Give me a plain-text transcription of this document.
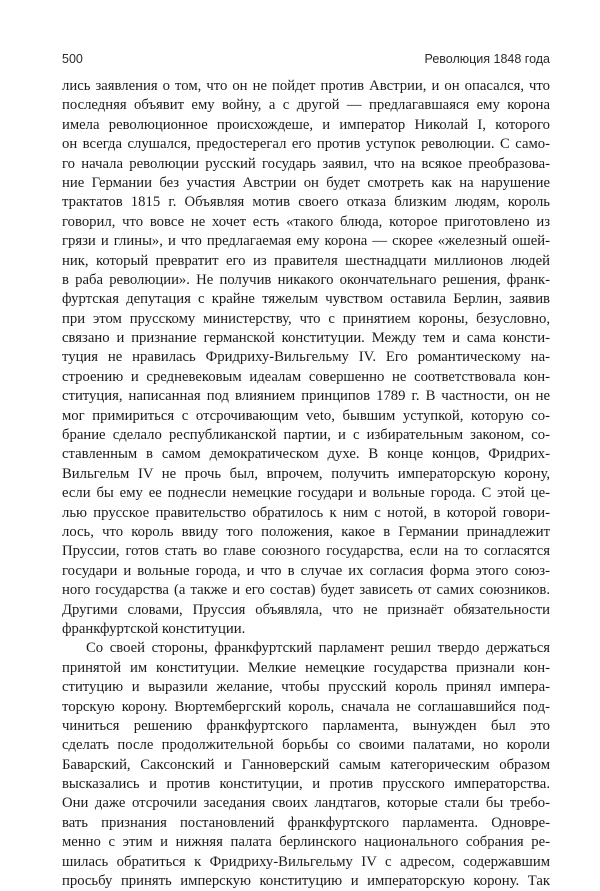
500	Революция 1848 года
лись заявления о том, что он не пойдет против Австрии, и он опасался, что
последняя объявит ему войну, а с другой — предлагавшаяся ему корона
имела революционное происхождеше, и император Николай I, которого
он всегда слушался, предостерегал его против уступок революции. С само-
го начала революции русский государь заявил, что на всякое преобразова-
ние Германии без участия Австрии он будет смотреть как на нарушение
трактатов 1815 г. Объявляя мотив своего отказа близким людям, король
говорил, что вовсе не хочет есть «такого блюда, которое приготовлено из
грязи и глины», и что предлагаемая ему корона — скорее «железный ошей-
ник, который превратит его из правителя шестнадцати миллионов людей
в раба революции». Не получив никакого окончательнаго решения, франк-
фуртская депутация с крайне тяжелым чувством оставила Берлин, заявив
при этом прусскому министерству, что с принятием короны, безусловно,
связано и признание германской конституции. Между тем и сама консти-
туция не нравилась Фридриху-Вильгельму IV. Его романтическому на-
строению и средневековым идеалам совершенно не соответствовала кон-
ституция, написанная под влиянием принципов 1789 г. В частности, он не
мог примириться с отсрочивающим veto, бывшим уступкой, которую со-
брание сделало республиканской партии, и с избирательным законом, со-
ставленным в самом демократическом духе. В конце концов, Фридрих-
Вильгельм IV не прочь был, впрочем, получить императорскую корону,
если бы ему ее поднесли немецкие государи и вольные города. С этой це-
лью прусское правительство обратилось к ним с нотой, в которой говори-
лось, что король ввиду того положения, какое в Германии принадлежит
Пруссии, готов стать во главе союзного государства, если на то согласятся
государи и вольные города, и что в случае их согласия форма этого союз-
ного государства (а также и его состав) будет зависеть от самих союзников.
Другими словами, Пруссия объявляла, что не признаёт обязательности
франкфуртской конституции.
Со своей стороны, франкфуртский парламент решил твердо держаться
принятой им конституции. Мелкие немецкие государства признали кон-
ституцию и выразили желание, чтобы прусский король принял импера-
торскую корону. Вюртембергский король, сначала не соглашавшийся под-
чиниться решению франкфуртского парламента, вынужден был это
сделать после продолжительной борьбы со своими палатами, но короли
Баварский, Саксонский и Ганноверский самым категорическим образом
высказались и против конституции, и против прусского императорства.
Они даже отсрочили заседания своих ландтагов, которые стали бы требо-
вать признания постановлений франкфуртского парламента. Одновре-
менно с этим и нижняя палата берлинского национального собрания ре-
шилась обратиться к Фридриху-Вильгельму IV с адресом, содержавшим
просьбу принять имперскую конституцию и императорскую корону. Так
